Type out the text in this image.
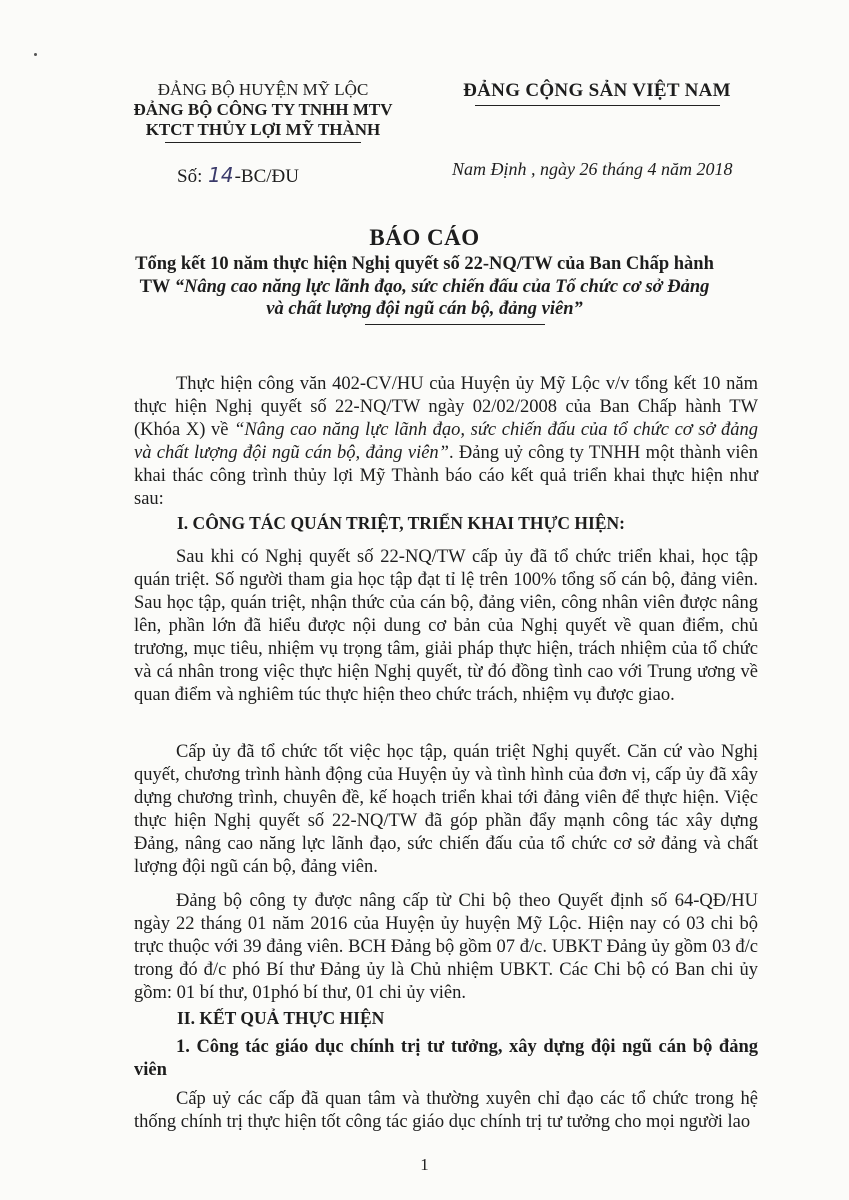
ĐẢNG BỘ HUYỆN MỸ LỘC
ĐẢNG BỘ CÔNG TY TNHH MTV
KTCT THỦY LỢI MỸ THÀNH
ĐẢNG CỘNG SẢN VIỆT NAM
Số: 14-BC/ĐU	Nam Định , ngày 26 tháng 4 năm 2018
BÁO CÁO
Tổng kết 10 năm thực hiện Nghị quyết số 22-NQ/TW của Ban Chấp hành
TW “Nâng cao năng lực lãnh đạo, sức chiến đấu của Tổ chức cơ sở Đảng
và chất lượng đội ngũ cán bộ, đảng viên”

Thực hiện công văn 402-CV/HU của Huyện ủy Mỹ Lộc v/v tổng kết 10 năm thực hiện Nghị quyết số 22-NQ/TW ngày 02/02/2008 của Ban Chấp hành TW (Khóa X) về “Nâng cao năng lực lãnh đạo, sức chiến đấu của tổ chức cơ sở đảng và chất lượng đội ngũ cán bộ, đảng viên”. Đảng uỷ công ty TNHH một thành viên khai thác công trình thủy lợi Mỹ Thành báo cáo kết quả triển khai thực hiện như sau:

I. CÔNG TÁC QUÁN TRIỆT, TRIỂN KHAI THỰC HIỆN:

Sau khi có Nghị quyết số 22-NQ/TW cấp ủy đã tổ chức triển khai, học tập quán triệt. Số người tham gia học tập đạt tỉ lệ trên 100% tổng số cán bộ, đảng viên. Sau học tập, quán triệt, nhận thức của cán bộ, đảng viên, công nhân viên được nâng lên, phần lớn đã hiểu được nội dung cơ bản của Nghị quyết về quan điểm, chủ trương, mục tiêu, nhiệm vụ trọng tâm, giải pháp thực hiện, trách nhiệm của tổ chức và cá nhân trong việc thực hiện Nghị quyết, từ đó đồng tình cao với Trung ương về quan điểm và nghiêm túc thực hiện theo chức trách, nhiệm vụ được giao.

Cấp ủy đã tổ chức tốt việc học tập, quán triệt Nghị quyết. Căn cứ vào Nghị quyết, chương trình hành động của Huyện ủy và tình hình của đơn vị, cấp ủy đã xây dựng chương trình, chuyên đề, kế hoạch triển khai tới đảng viên để thực hiện. Việc thực hiện Nghị quyết số 22-NQ/TW đã góp phần đẩy mạnh công tác xây dựng Đảng, nâng cao năng lực lãnh đạo, sức chiến đấu của tổ chức cơ sở đảng và chất lượng đội ngũ cán bộ, đảng viên.

Đảng bộ công ty được nâng cấp từ Chi bộ theo Quyết định số 64-QĐ/HU ngày 22 tháng 01 năm 2016 của Huyện ủy huyện Mỹ Lộc. Hiện nay có 03 chi bộ trực thuộc với 39 đảng viên. BCH Đảng bộ gồm 07 đ/c. UBKT Đảng ủy gồm 03 đ/c trong đó đ/c phó Bí thư Đảng ủy là Chủ nhiệm UBKT. Các Chi bộ có Ban chi ủy gồm: 01 bí thư, 01phó bí thư, 01 chi ủy viên.

II. KẾT QUẢ THỰC HIỆN
1. Công tác giáo dục chính trị tư tưởng, xây dựng đội ngũ cán bộ đảng viên

Cấp uỷ các cấp đã quan tâm và thường xuyên chỉ đạo các tổ chức trong hệ thống chính trị thực hiện tốt công tác giáo dục chính trị tư tưởng cho mọi người lao

1
